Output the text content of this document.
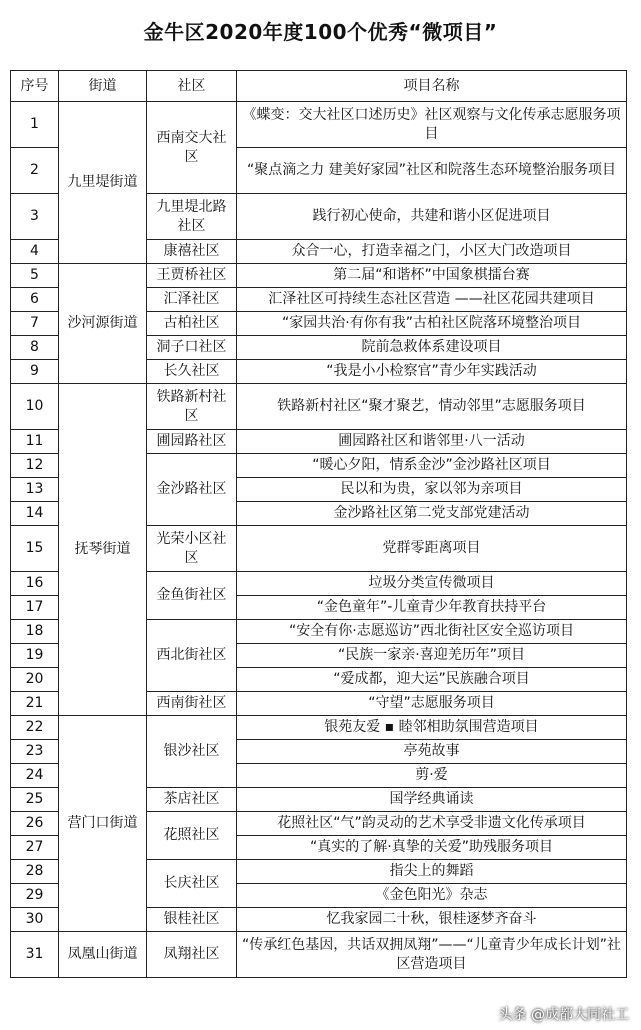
金牛区2020年度100个优秀“微项目”
序号	街道	社区	项目名称
1	九里堤街道	西南交大社区	《蝶变：交大社区口述历史》社区观察与文化传承志愿服务项目
2			“聚点滴之力 建美好家园”社区和院落生态环境整治服务项目
3		九里堤北路社区	践行初心使命，共建和谐小区促进项目
4		康禧社区	众合一心，打造幸福之门，小区大门改造项目
5	沙河源街道	王贾桥社区	第二届“和谐杯”中国象棋擂台赛
6		汇泽社区	汇泽社区可持续生态社区营造 ——社区花园共建项目
7		古柏社区	“家园共治·有你有我”古柏社区院落环境整治项目
8		洞子口社区	院前急救体系建设项目
9		长久社区	“我是小小检察官”青少年实践活动
10	抚琴街道	铁路新村社区	铁路新村社区“聚才聚艺，情动邻里”志愿服务项目
11		圃园路社区	圃园路社区和谐邻里·八一活动
12		金沙路社区	“暖心夕阳，情系金沙”金沙路社区项目
13			民以和为贵，家以邻为亲项目
14			金沙路社区第二党支部党建活动
15		光荣小区社区	党群零距离项目
16		金鱼街社区	垃圾分类宣传微项目
17			“金色童年”-儿童青少年教育扶持平台
18		西北街社区	“安全有你·志愿巡访”西北街社区安全巡访项目
19			“民族一家亲·喜迎羌历年”项目
20			“爱成都，迎大运”民族融合项目
21		西南街社区	“守望”志愿服务项目
22	营门口街道	银沙社区	银苑友爱 ▪ 睦邻相助氛围营造项目
23			亭苑故事
24			剪·爱
25		茶店社区	国学经典诵读
26		花照社区	花照社区“气”韵灵动的艺术享受非遗文化传承项目
27			“真实的了解·真挚的关爱”助残服务项目
28		长庆社区	指尖上的舞蹈
29			《金色阳光》杂志
30		银桂社区	忆我家园二十秋，银桂逐梦齐奋斗
31	凤凰山街道	凤翔社区	“传承红色基因，共话双拥凤翔”——“儿童青少年成长计划”社区营造项目
头条 @成都大同社工
